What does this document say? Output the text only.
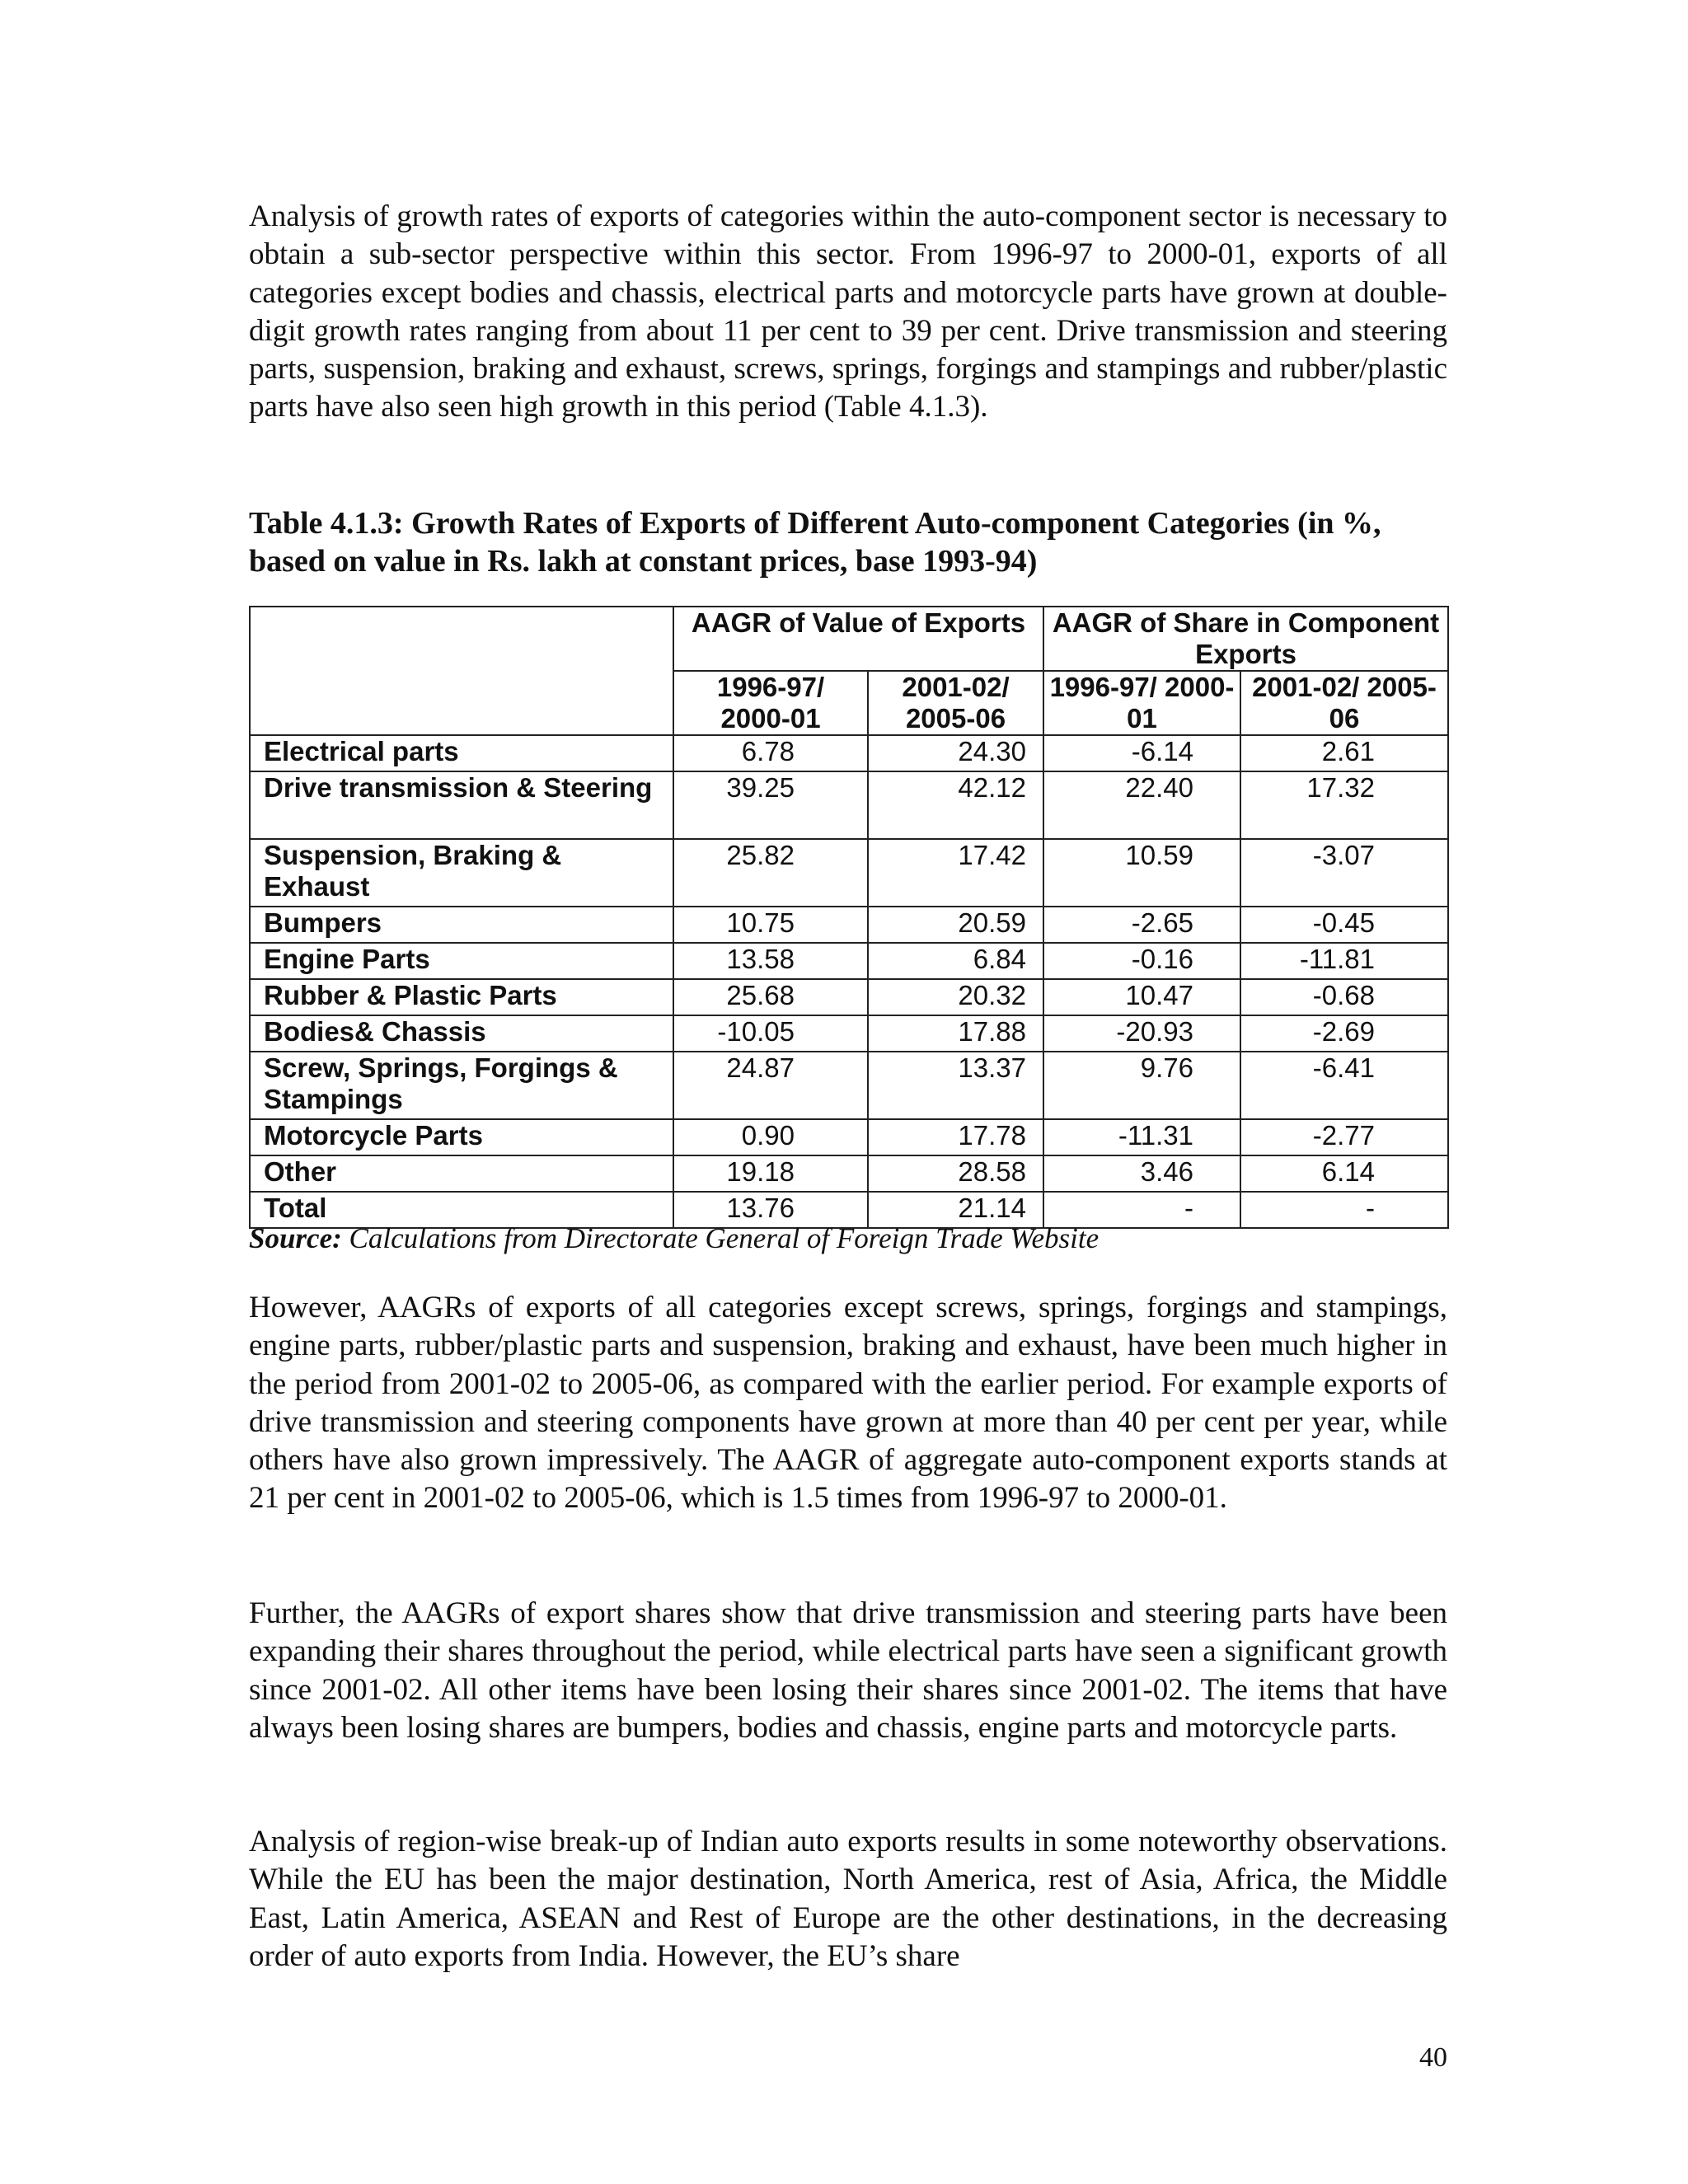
Analysis of growth rates of exports of categories within the auto-component sector is necessary to obtain a sub-sector perspective within this sector. From 1996-97 to 2000-01, exports of all categories except bodies and chassis, electrical parts and motorcycle parts have grown at double-digit growth rates ranging from about 11 per cent to 39 per cent. Drive transmission and steering parts, suspension, braking and exhaust, screws, springs, forgings and stampings and rubber/plastic parts have also seen high growth in this period (Table 4.1.3).

Table 4.1.3: Growth Rates of Exports of Different Auto-component Categories (in %, based on value in Rs. lakh at constant prices, base 1993-94)

	AAGR of Value of Exports		AAGR of Share in Component Exports	
	1996-97/ 2000-01	2001-02/ 2005-06	1996-97/ 2000-01	2001-02/ 2005-06
Electrical parts	6.78	24.30	-6.14	2.61
Drive transmission & Steering	39.25	42.12	22.40	17.32
Suspension, Braking & Exhaust	25.82	17.42	10.59	-3.07
Bumpers	10.75	20.59	-2.65	-0.45
Engine Parts	13.58	6.84	-0.16	-11.81
Rubber & Plastic Parts	25.68	20.32	10.47	-0.68
Bodies& Chassis	-10.05	17.88	-20.93	-2.69
Screw, Springs, Forgings & Stampings	24.87	13.37	9.76	-6.41
Motorcycle Parts	0.90	17.78	-11.31	-2.77
Other	19.18	28.58	3.46	6.14
Total	13.76	21.14	-	-
Source: Calculations from Directorate General of Foreign Trade Website

However, AAGRs of exports of all categories except screws, springs, forgings and stampings, engine parts, rubber/plastic parts and suspension, braking and exhaust, have been much higher in the period from 2001-02 to 2005-06, as compared with the earlier period. For example exports of drive transmission and steering components have grown at more than 40 per cent per year, while others have also grown impressively. The AAGR of aggregate auto-component exports stands at 21 per cent in 2001-02 to 2005-06, which is 1.5 times from 1996-97 to 2000-01.

Further, the AAGRs of export shares show that drive transmission and steering parts have been expanding their shares throughout the period, while electrical parts have seen a significant growth since 2001-02. All other items have been losing their shares since 2001-02. The items that have always been losing shares are bumpers, bodies and chassis, engine parts and motorcycle parts.

Analysis of region-wise break-up of Indian auto exports results in some noteworthy observations. While the EU has been the major destination, North America, rest of Asia, Africa, the Middle East, Latin America, ASEAN and Rest of Europe are the other destinations, in the decreasing order of auto exports from India. However, the EU’s share

40
